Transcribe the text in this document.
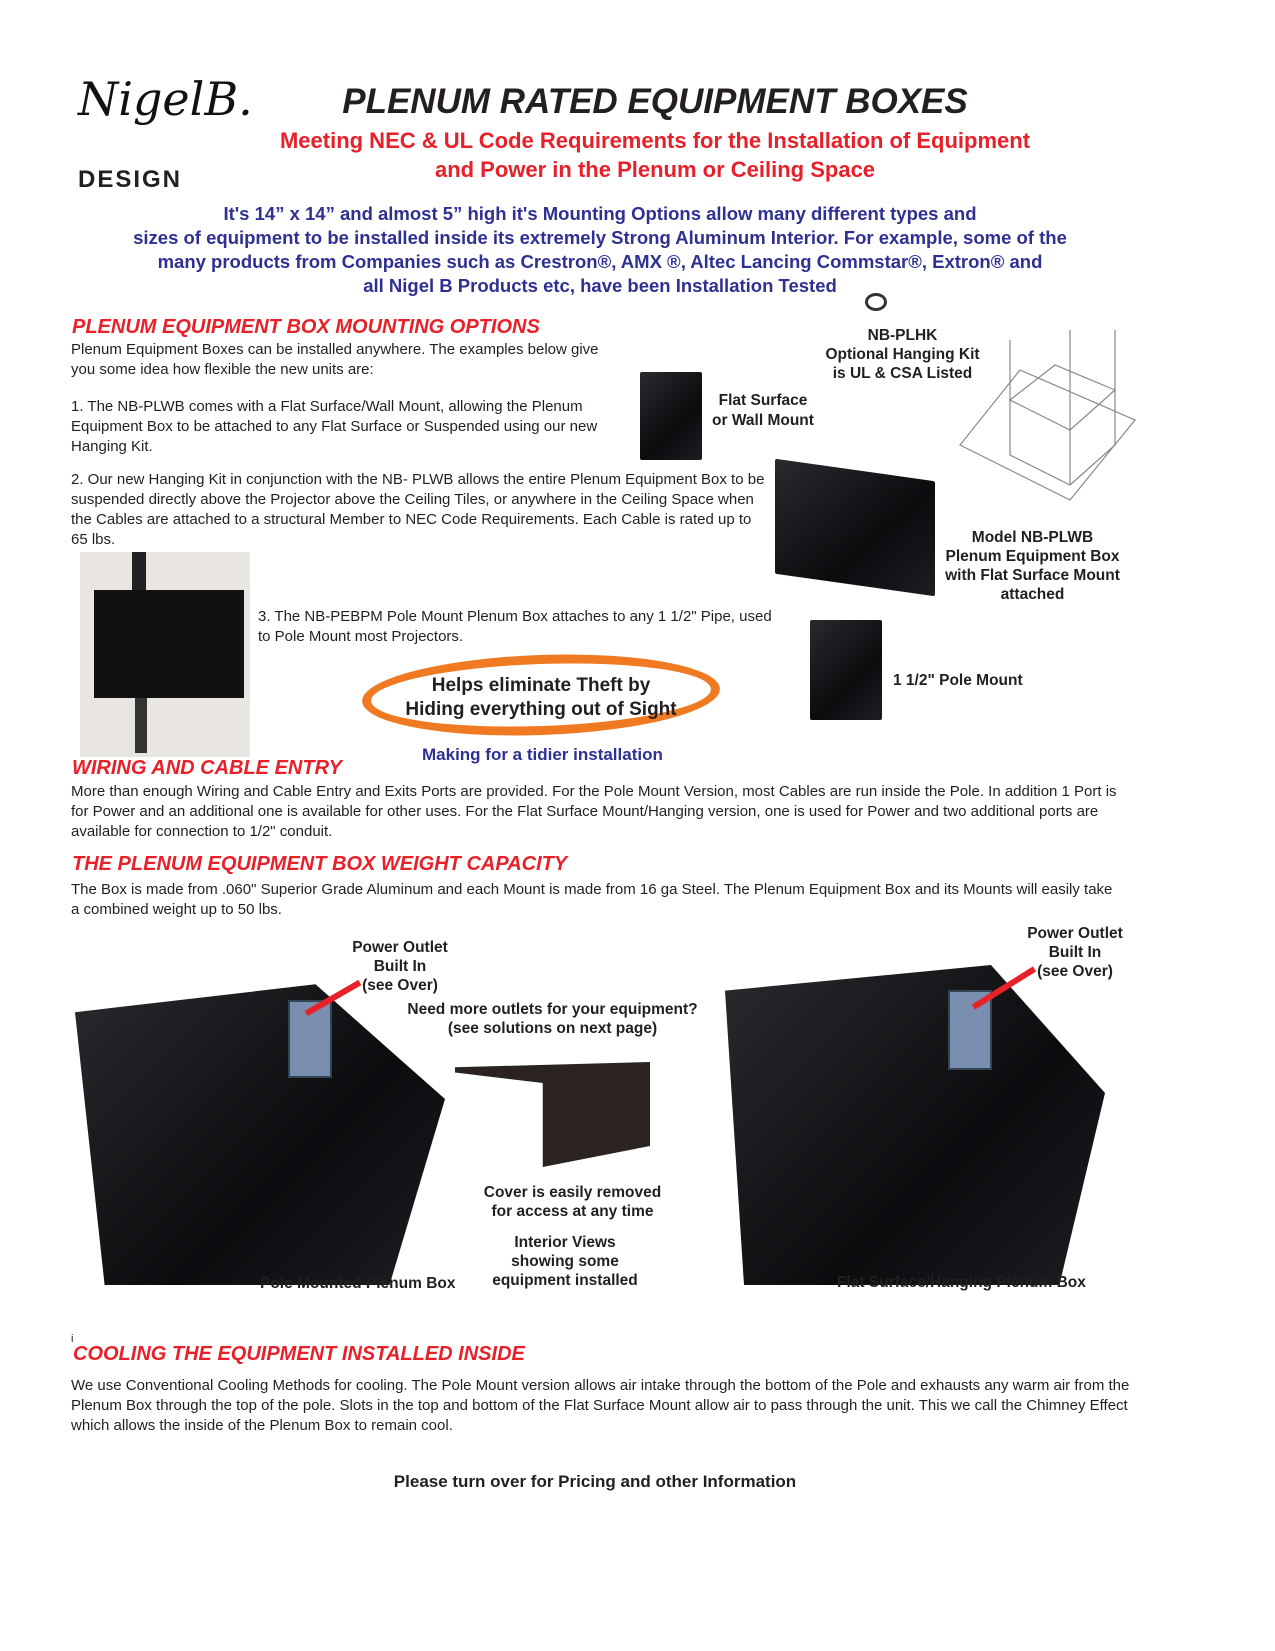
NigelB.
DESIGN
PLENUM RATED EQUIPMENT BOXES
Meeting NEC & UL Code Requirements for the Installation of Equipment
and Power in the Plenum or Ceiling Space
It's 14” x 14” and almost 5” high it's Mounting Options allow many different types and
sizes of equipment to be installed inside its extremely Strong Aluminum Interior. For example, some of the
many products from Companies such as Crestron®, AMX ®, Altec Lancing Commstar®, Extron® and
all Nigel B Products etc, have been Installation Tested
PLENUM EQUIPMENT BOX MOUNTING OPTIONS
Plenum Equipment Boxes can be installed anywhere. The examples below give you some idea how flexible the new units are:
1. The NB-PLWB comes with a Flat Surface/Wall Mount, allowing the Plenum Equipment Box to be attached to any Flat Surface or Suspended using our new Hanging Kit.
2. Our new Hanging Kit in conjunction with the NB- PLWB allows the entire Plenum Equipment Box to be suspended directly above the Projector above the Ceiling Tiles, or anywhere in the Ceiling Space when the Cables are attached to a structural Member to NEC Code Requirements. Each Cable is rated up to 65 lbs.
3. The NB-PEBPM Pole Mount Plenum Box attaches to any 1 1/2" Pipe, used to Pole Mount most Projectors.
NB-PLHK
Optional Hanging Kit
is UL & CSA Listed
Flat Surface
or Wall Mount
Model NB-PLWB
Plenum Equipment Box
with Flat Surface Mount
attached
1 1/2" Pole Mount
Helps eliminate Theft by
Hiding everything out of Sight
Making for a tidier installation
WIRING AND CABLE ENTRY
More than enough Wiring and Cable Entry and Exits Ports are provided. For the Pole Mount Version, most Cables are run inside the Pole. In addition 1 Port is for Power and an additional one is available for other uses. For the Flat Surface Mount/Hanging version, one is used for Power and two additional ports are available for connection to 1/2" conduit.
THE PLENUM EQUIPMENT BOX WEIGHT CAPACITY
The Box is made from .060" Superior Grade Aluminum and each Mount is made from 16 ga Steel. The Plenum Equipment Box and its Mounts will easily take a combined weight up to 50 lbs.
Power Outlet
Built In
(see Over)
Need more outlets for your equipment?
(see solutions on next page)
Cover is easily removed
for access at any time
Interior Views
showing some
equipment installed
Pole Mounted Plenum Box
Power Outlet
Built In
(see Over)
Flat Surface/Hanging Plenum Box
i
COOLING THE EQUIPMENT INSTALLED INSIDE
We use Conventional Cooling Methods for cooling. The Pole Mount version allows air intake through the bottom of the Pole and exhausts any warm air from the Plenum Box through the top of the pole. Slots in the top and bottom of the Flat Surface Mount allow air to pass through the unit. This we call the Chimney Effect which allows the inside of the Plenum Box to remain cool.
Please turn over for Pricing and other Information
